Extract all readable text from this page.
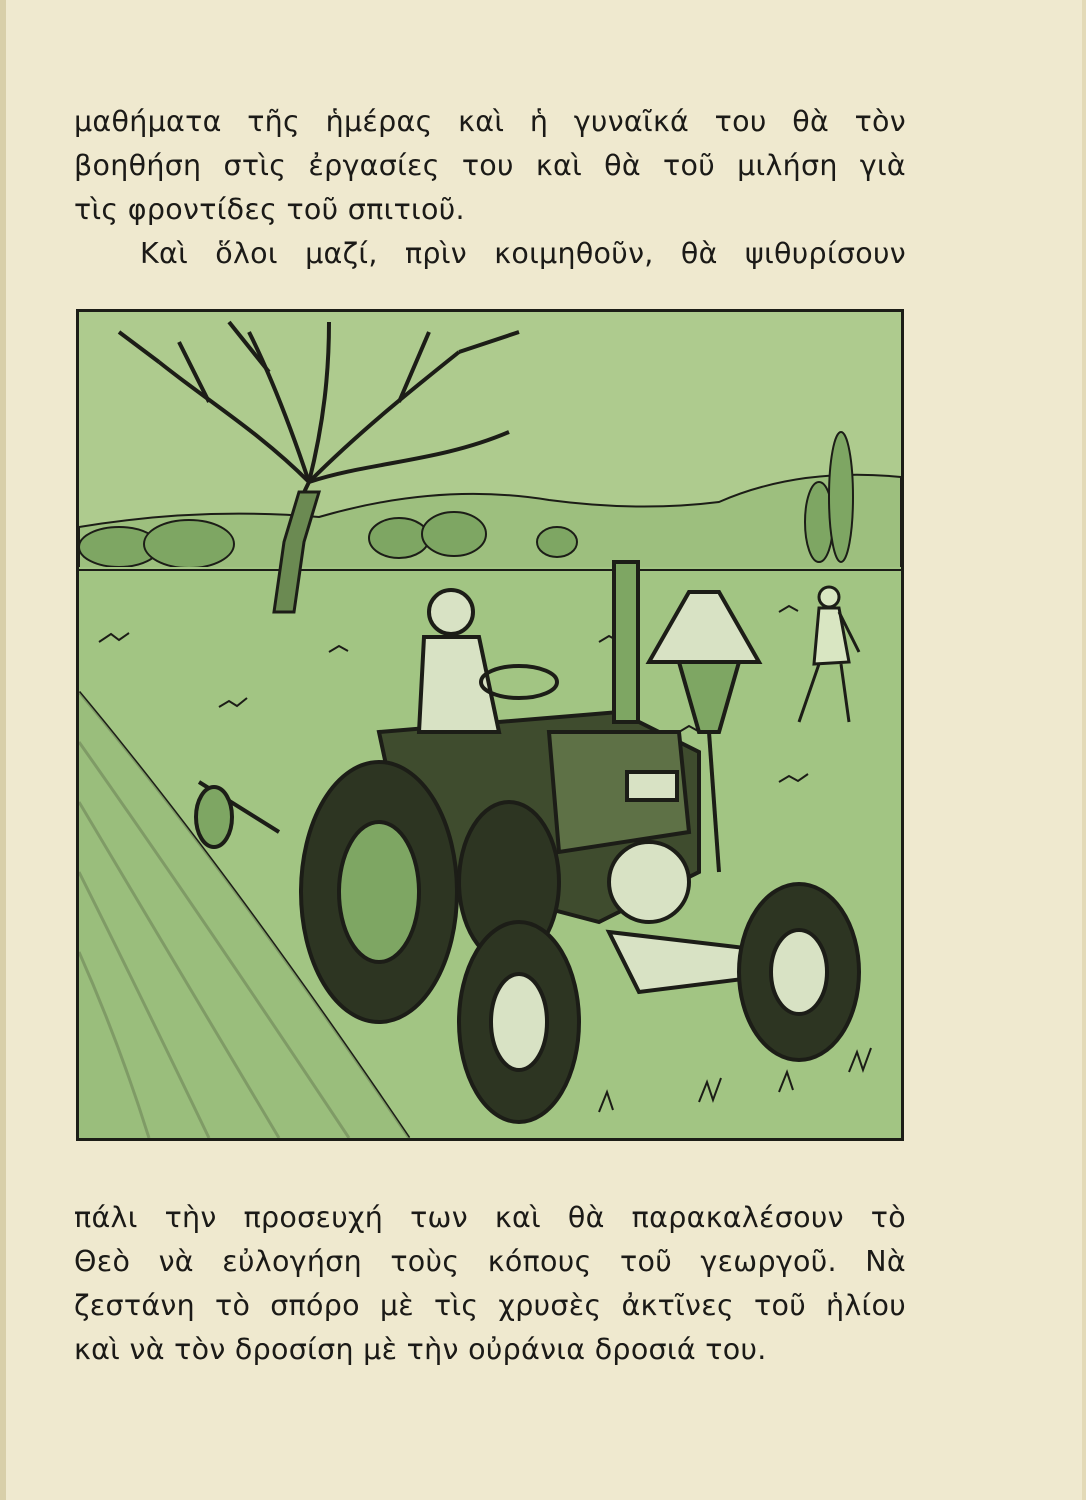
μαθήματα τῆς ἡμέρας καὶ ἡ γυναῖκά του θὰ τὸν
βοηθήση στὶς ἐργασίες του καὶ θὰ τοῦ μιλήση γιὰ
τὶς φροντίδες τοῦ σπιτιοῦ.
Καὶ ὅλοι μαζί, πρὶν κοιμηθοῦν, θὰ ψιθυρίσουν
πάλι τὴν προσευχή των καὶ θὰ παρακαλέσουν τὸ
Θεὸ νὰ εὐλογήση τοὺς κόπους τοῦ γεωργοῦ. Νὰ
ζεστάνη τὸ σπόρο μὲ τὶς χρυσὲς ἀκτῖνες τοῦ ἡλίου
καὶ νὰ τὸν δροσίση μὲ τὴν οὐράνια δροσιά του.
